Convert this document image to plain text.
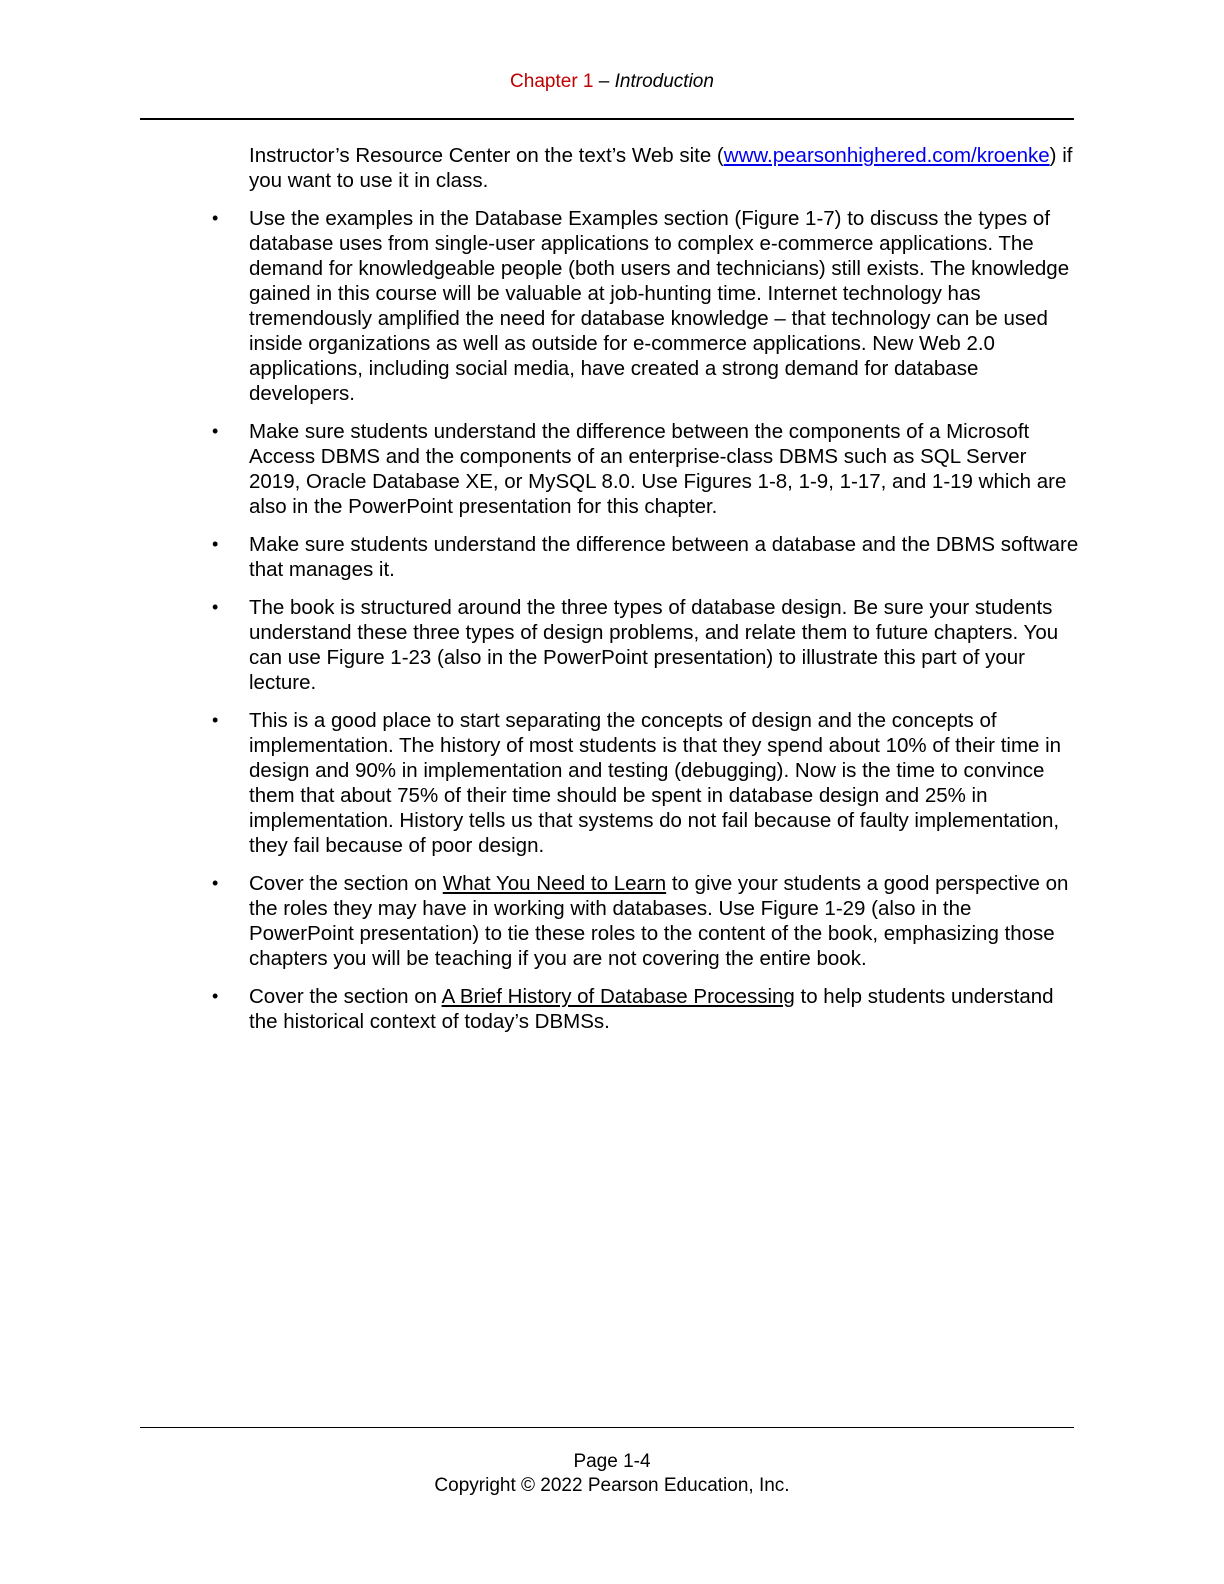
Chapter 1 – Introduction

Instructor’s Resource Center on the text’s Web site (www.pearsonhighered.com/kroenke) if you want to use it in class.

• Use the examples in the Database Examples section (Figure 1-7) to discuss the types of database uses from single-user applications to complex e-commerce applications. The demand for knowledgeable people (both users and technicians) still exists. The knowledge gained in this course will be valuable at job-hunting time. Internet technology has tremendously amplified the need for database knowledge – that technology can be used inside organizations as well as outside for e-commerce applications. New Web 2.0 applications, including social media, have created a strong demand for database developers.
• Make sure students understand the difference between the components of a Microsoft Access DBMS and the components of an enterprise-class DBMS such as SQL Server 2019, Oracle Database XE, or MySQL 8.0. Use Figures 1-8, 1-9, 1-17, and 1-19 which are also in the PowerPoint presentation for this chapter.
• Make sure students understand the difference between a database and the DBMS software that manages it.
• The book is structured around the three types of database design. Be sure your students understand these three types of design problems, and relate them to future chapters. You can use Figure 1-23 (also in the PowerPoint presentation) to illustrate this part of your lecture.
• This is a good place to start separating the concepts of design and the concepts of implementation. The history of most students is that they spend about 10% of their time in design and 90% in implementation and testing (debugging). Now is the time to convince them that about 75% of their time should be spent in database design and 25% in implementation. History tells us that systems do not fail because of faulty implementation, they fail because of poor design.
• Cover the section on What You Need to Learn to give your students a good perspective on the roles they may have in working with databases. Use Figure 1-29 (also in the PowerPoint presentation) to tie these roles to the content of the book, emphasizing those chapters you will be teaching if you are not covering the entire book.
• Cover the section on A Brief History of Database Processing to help students understand the historical context of today’s DBMSs.
Page 1-4
Copyright © 2022 Pearson Education, Inc.
